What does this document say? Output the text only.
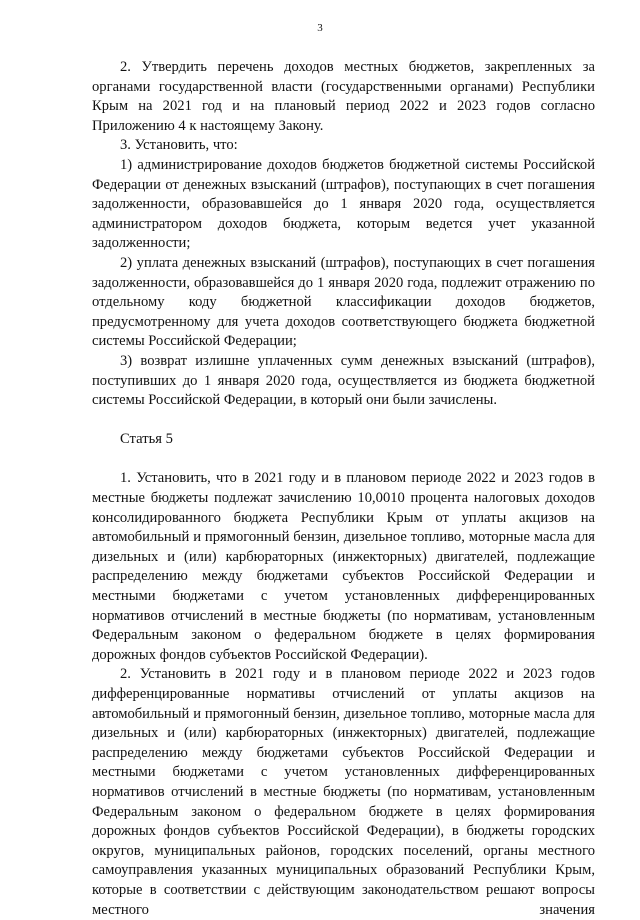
3

2. Утвердить перечень доходов местных бюджетов, закрепленных за органами государственной власти (государственными органами) Республики Крым на 2021 год и на плановый период 2022 и 2023 годов согласно Приложению 4 к настоящему Закону.

3. Установить, что:

1) администрирование доходов бюджетов бюджетной системы Российской Федерации от денежных взысканий (штрафов), поступающих в счет погашения задолженности, образовавшейся до 1 января 2020 года, осуществляется администратором доходов бюджета, которым ведется учет указанной задолженности;

2) уплата денежных взысканий (штрафов), поступающих в счет погашения задолженности, образовавшейся до 1 января 2020 года, подлежит отражению по отдельному коду бюджетной классификации доходов бюджетов, предусмотренному для учета доходов соответствующего бюджета бюджетной системы Российской Федерации;

3) возврат излишне уплаченных сумм денежных взысканий (штрафов), поступивших до 1 января 2020 года, осуществляется из бюджета бюджетной системы Российской Федерации, в который они были зачислены.

Статья 5

1. Установить, что в 2021 году и в плановом периоде 2022 и 2023 годов в местные бюджеты подлежат зачислению 10,0010 процента налоговых доходов консолидированного бюджета Республики Крым от уплаты акцизов на автомобильный и прямогонный бензин, дизельное топливо, моторные масла для дизельных и (или) карбюраторных (инжекторных) двигателей, подлежащие распределению между бюджетами субъектов Российской Федерации и местными бюджетами с учетом установленных дифференцированных нормативов отчислений в местные бюджеты (по нормативам, установленным Федеральным законом о федеральном бюджете в целях формирования дорожных фондов субъектов Российской Федерации).

2. Установить в 2021 году и в плановом периоде 2022 и 2023 годов дифференцированные нормативы отчислений от уплаты акцизов на автомобильный и прямогонный бензин, дизельное топливо, моторные масла для дизельных и (или) карбюраторных (инжекторных) двигателей, подлежащие распределению между бюджетами субъектов Российской Федерации и местными бюджетами с учетом установленных дифференцированных нормативов отчислений в местные бюджеты (по нормативам, установленным Федеральным законом о федеральном бюджете в целях формирования дорожных фондов субъектов Российской Федерации), в бюджеты городских округов, муниципальных районов, городских поселений, органы местного самоуправления указанных муниципальных образований Республики Крым, которые в соответствии с действующим законодательством решают вопросы местного значения
